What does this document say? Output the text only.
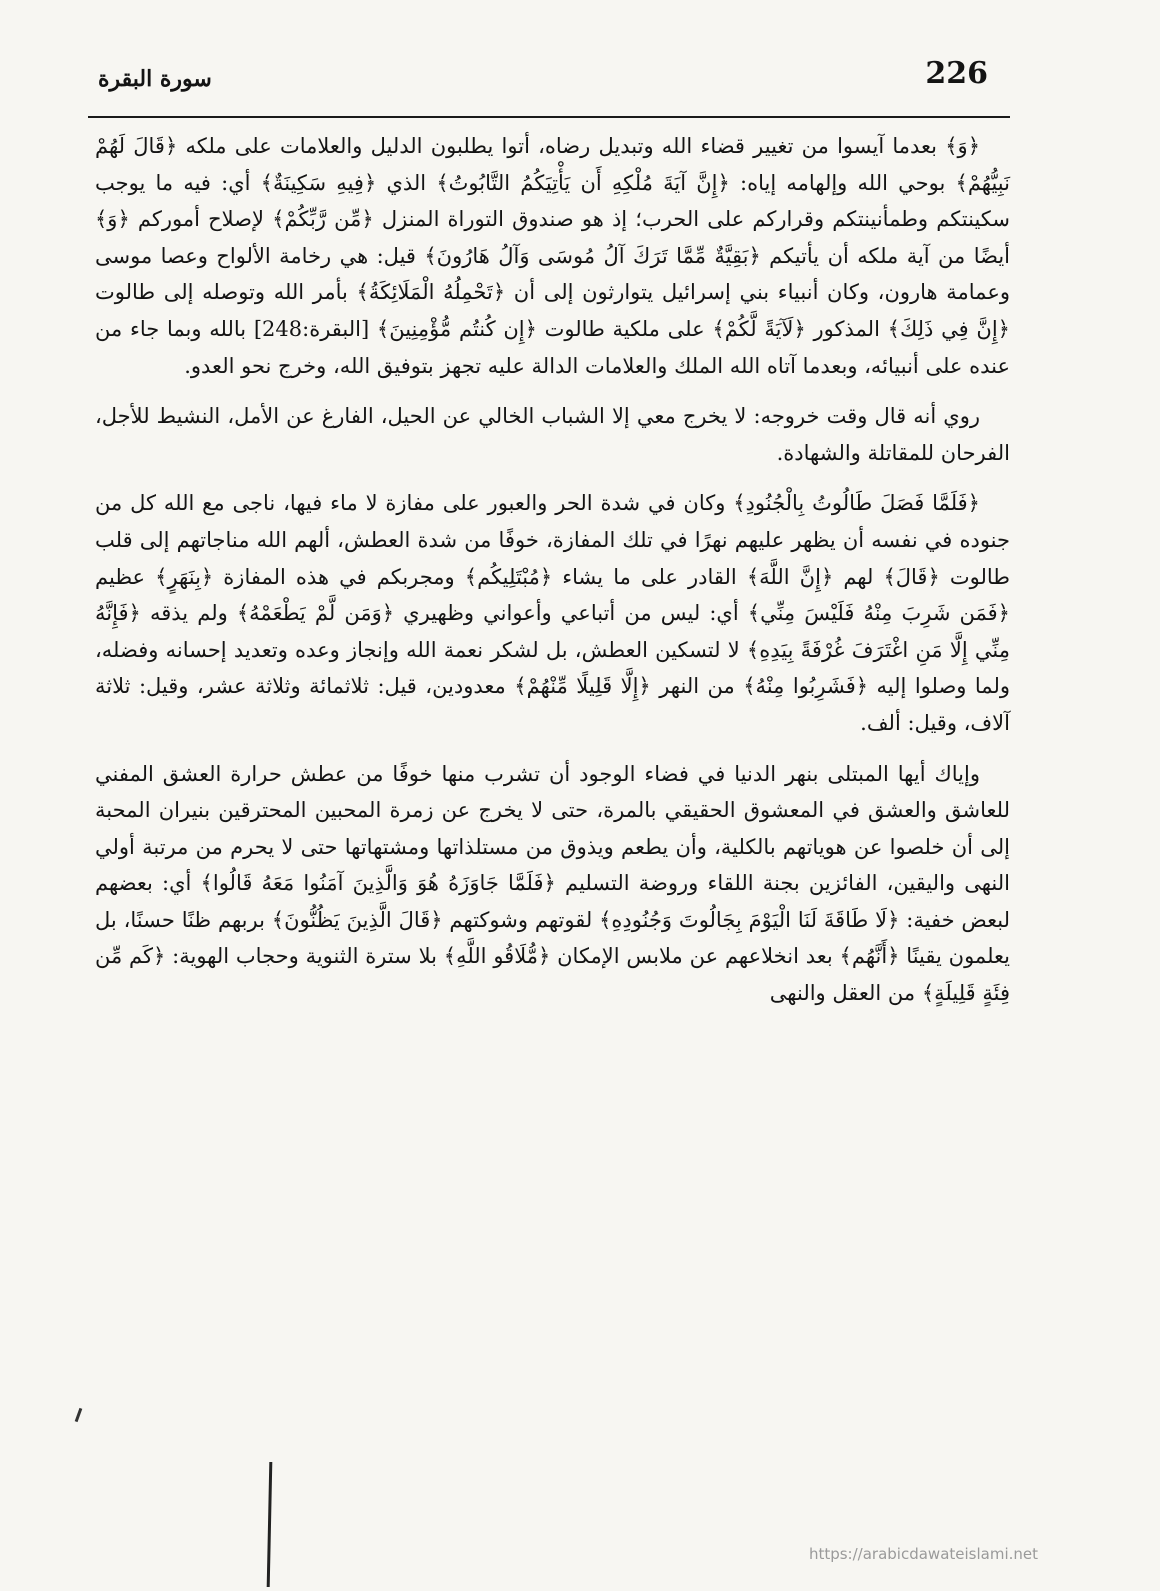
226
سورة البقرة

﴿وَ﴾ بعدما آيسوا من تغيير قضاء الله وتبديل رضاه، أتوا يطلبون الدليل والعلامات على ملكه ﴿قَالَ لَهُمْ نَبِيُّهُمْ﴾ بوحي الله وإلهامه إياه: ﴿إِنَّ آيَةَ مُلْكِهِ أَن يَأْتِيَكُمُ التَّابُوتُ﴾ الذي ﴿فِيهِ سَكِينَةٌ﴾ أي: فيه ما يوجب سكينتكم وطمأنينتكم وقراركم على الحرب؛ إذ هو صندوق التوراة المنزل ﴿مِّن رَّبِّكُمْ﴾ لإصلاح أموركم ﴿وَ﴾ أيضًا من آية ملكه أن يأتيكم ﴿بَقِيَّةٌ مِّمَّا تَرَكَ آلُ مُوسَى وَآلُ هَارُونَ﴾ قيل: هي رخامة الألواح وعصا موسى وعمامة هارون، وكان أنبياء بني إسرائيل يتوارثون إلى أن ﴿تَحْمِلُهُ الْمَلَائِكَةُ﴾ بأمر الله وتوصله إلى طالوت ﴿إِنَّ فِي ذَلِكَ﴾ المذكور ﴿لَآيَةً لَّكُمْ﴾ على ملكية طالوت ﴿إِن كُنتُم مُّؤْمِنِينَ﴾ [البقرة:248] بالله وبما جاء من عنده على أنبيائه، وبعدما آتاه الله الملك والعلامات الدالة عليه تجهز بتوفيق الله، وخرج نحو العدو.

روي أنه قال وقت خروجه: لا يخرج معي إلا الشباب الخالي عن الحيل، الفارغ عن الأمل، النشيط للأجل، الفرحان للمقاتلة والشهادة.

﴿فَلَمَّا فَصَلَ طَالُوتُ بِالْجُنُودِ﴾ وكان في شدة الحر والعبور على مفازة لا ماء فيها، ناجى مع الله كل من جنوده في نفسه أن يظهر عليهم نهرًا في تلك المفازة، خوفًا من شدة العطش، ألهم الله مناجاتهم إلى قلب طالوت ﴿قَالَ﴾ لهم ﴿إِنَّ اللَّهَ﴾ القادر على ما يشاء ﴿مُبْتَلِيكُم﴾ ومجربكم في هذه المفازة ﴿بِنَهَرٍ﴾ عظيم ﴿فَمَن شَرِبَ مِنْهُ فَلَيْسَ مِنِّي﴾ أي: ليس من أتباعي وأعواني وظهيري ﴿وَمَن لَّمْ يَطْعَمْهُ﴾ ولم يذقه ﴿فَإِنَّهُ مِنِّي إِلَّا مَنِ اغْتَرَفَ غُرْفَةً بِيَدِهِ﴾ لا لتسكين العطش، بل لشكر نعمة الله وإنجاز وعده وتعديد إحسانه وفضله، ولما وصلوا إليه ﴿فَشَرِبُوا مِنْهُ﴾ من النهر ﴿إِلَّا قَلِيلًا مِّنْهُمْ﴾ معدودين، قيل: ثلاثمائة وثلاثة عشر، وقيل: ثلاثة آلاف، وقيل: ألف.

وإياك أيها المبتلى بنهر الدنيا في فضاء الوجود أن تشرب منها خوفًا من عطش حرارة العشق المفني للعاشق والعشق في المعشوق الحقيقي بالمرة، حتى لا يخرج عن زمرة المحبين المحترقين بنيران المحبة إلى أن خلصوا عن هوياتهم بالكلية، وأن يطعم ويذوق من مستلذاتها ومشتهاتها حتى لا يحرم من مرتبة أولي النهى واليقين، الفائزين بجنة اللقاء وروضة التسليم ﴿فَلَمَّا جَاوَزَهُ هُوَ وَالَّذِينَ آمَنُوا مَعَهُ قَالُوا﴾ أي: بعضهم لبعض خفية: ﴿لَا طَاقَةَ لَنَا الْيَوْمَ بِجَالُوتَ وَجُنُودِهِ﴾ لقوتهم وشوكتهم ﴿قَالَ الَّذِينَ يَظُنُّونَ﴾ بربهم ظنًا حسنًا، بل يعلمون يقينًا ﴿أَنَّهُم﴾ بعد انخلاعهم عن ملابس الإمكان ﴿مُّلَاقُو اللَّهِ﴾ بلا سترة الثنوية وحجاب الهوية: ﴿كَم مِّن فِئَةٍ قَلِيلَةٍ﴾ من العقل والنهى

https://arabicdawateislami.net
